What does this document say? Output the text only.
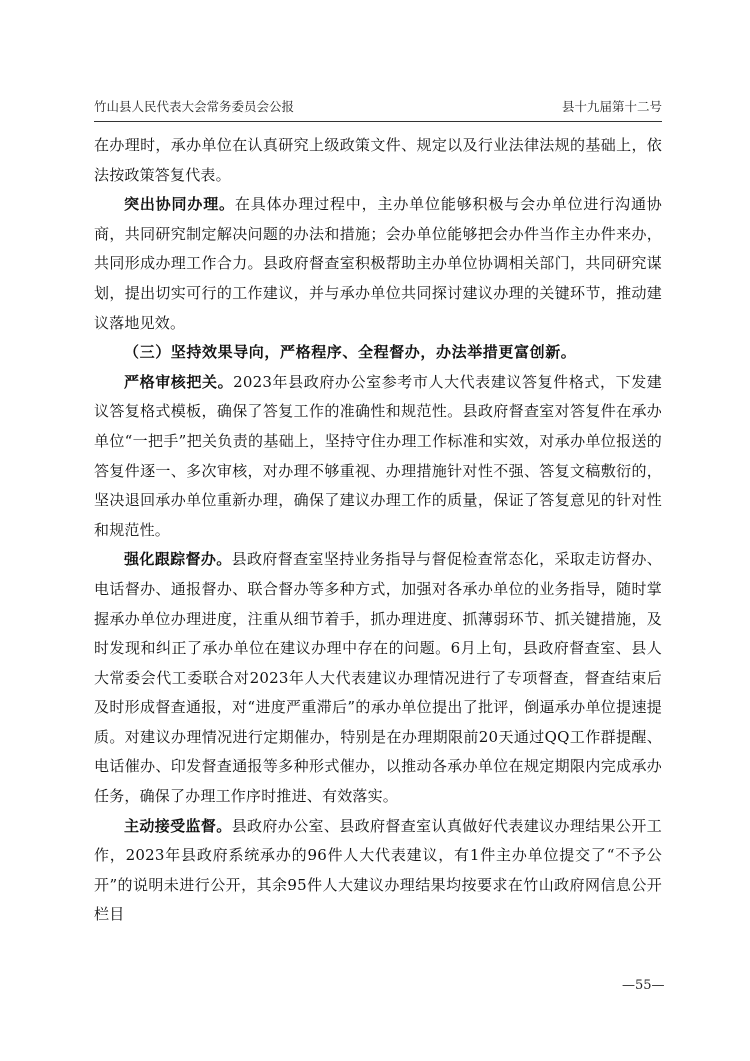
竹山县人民代表大会常务委员会公报	县十九届第十二号

在办理时，承办单位在认真研究上级政策文件、规定以及行业法律法规的基础上，依法按政策答复代表。

突出协同办理。在具体办理过程中，主办单位能够积极与会办单位进行沟通协商，共同研究制定解决问题的办法和措施；会办单位能够把会办件当作主办件来办，共同形成办理工作合力。县政府督查室积极帮助主办单位协调相关部门，共同研究谋划，提出切实可行的工作建议，并与承办单位共同探讨建议办理的关键环节，推动建议落地见效。

（三）坚持效果导向，严格程序、全程督办，办法举措更富创新。

严格审核把关。2023年县政府办公室参考市人大代表建议答复件格式，下发建议答复格式模板，确保了答复工作的准确性和规范性。县政府督查室对答复件在承办单位“一把手”把关负责的基础上，坚持守住办理工作标准和实效，对承办单位报送的答复件逐一、多次审核，对办理不够重视、办理措施针对性不强、答复文稿敷衍的，坚决退回承办单位重新办理，确保了建议办理工作的质量，保证了答复意见的针对性和规范性。

强化跟踪督办。县政府督查室坚持业务指导与督促检查常态化，采取走访督办、电话督办、通报督办、联合督办等多种方式，加强对各承办单位的业务指导，随时掌握承办单位办理进度，注重从细节着手，抓办理进度、抓薄弱环节、抓关键措施，及时发现和纠正了承办单位在建议办理中存在的问题。6月上旬，县政府督查室、县人大常委会代工委联合对2023年人大代表建议办理情况进行了专项督查，督查结束后及时形成督查通报，对“进度严重滞后”的承办单位提出了批评，倒逼承办单位提速提质。对建议办理情况进行定期催办，特别是在办理期限前20天通过QQ工作群提醒、电话催办、印发督查通报等多种形式催办，以推动各承办单位在规定期限内完成承办任务，确保了办理工作序时推进、有效落实。

主动接受监督。县政府办公室、县政府督查室认真做好代表建议办理结果公开工作，2023年县政府系统承办的96件人大代表建议，有1件主办单位提交了“不予公开”的说明未进行公开，其余95件人大建议办理结果均按要求在竹山政府网信息公开栏目

—55—
